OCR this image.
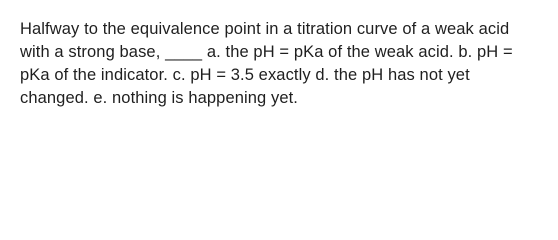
Halfway to the equivalence point in a titration curve of a weak acid with a strong base, ____ a. the pH = pKa of the weak acid. b. pH = pKa of the indicator. c. pH = 3.5 exactly d. the pH has not yet changed. e. nothing is happening yet.
